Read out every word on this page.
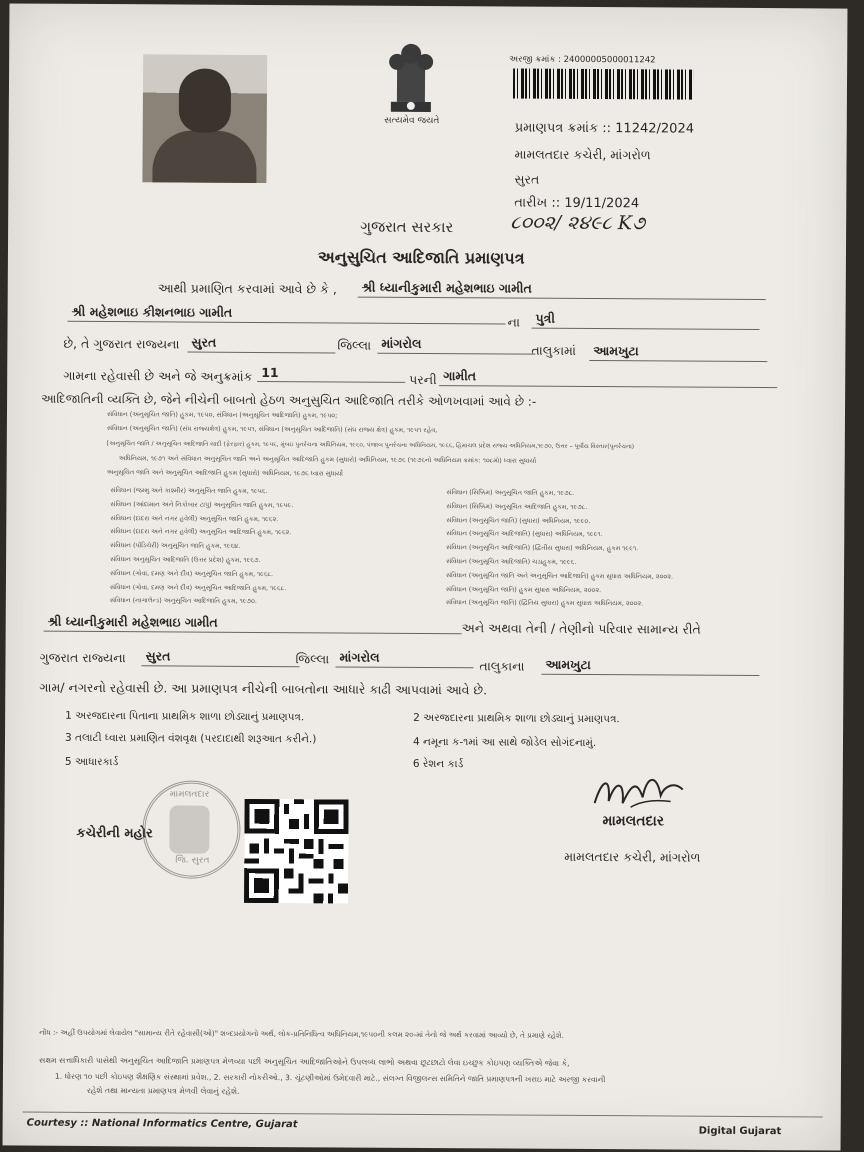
સત્યમેવ જયતે
અરજી ક્રમાંક : 24000005000011242
પ્રમાણપત્ર ક્રમાંક :: 11242/2024
મામલતદાર કચેરી, માંગરોળ
સુરત
તારીખ :: 19/11/2024
ગુજરાત સરકાર	૮૦૦૨/ ૨૪૯૮ K૭
અનુસુચિત આદિજાતિ પ્રમાણપત્ર
આથી પ્રમાણિત કરવામાં આવે છે કે ,	શ્રી ધ્યાનીકુમારી મહેશભાઇ ગામીત
શ્રી મહેશભાઇ કીશનભાઇ ગામીત
ના	પુત્રી
છે, તે ગુજરાત રાજ્યના સુરત	જિલ્લા માંગરોલ	તાલુકામાં	આમખુટા
ગામના રહેવાસી છે અને જે અનુક્રમાંક 11	પરની ગામીત
આદિજાતિની વ્યક્તિ છે, જેને નીચેની બાબતો હેઠળ અનુસુચિત આદિજાતિ તરીકે ઓળખવામાં આવે છે :-
સંવિધાન (અનુસૂચિત જાતિ) હુકમ, ૧૯૫૦, સંવિધાન (અનુસૂચિત આદિજાતિ) હુકમ, ૧૯૫૦;
સંવિધાન (અનુસૂચિત જાતિ) (સંઘ રાજ્યક્ષેત્ર) હુકમ, ૧૯૫૧, સંવિધાન (અનુસૂચિત આદિજાતિ) (સંઘ રાજ્ય ક્ષેત્ર) હુકમ, ૧૯૫૧ રહેવ,
[અનુસૂચિત જાતિ / અનુસૂચિત આદિજાતિ યાદી (ફેરફાર) હુકમ, ૧૯૫૬, મુંબઇ પુનર્રચના અધિનિયમ, ૧૯૬૦, પંજાબ પુનર્રચના અધિનિયમ, ૧૯૬૬, હિમાચલ પ્રદેશ રાજ્ય અધિનિયમ,૧૯૭૦, ઉત્તર – પૂર્વીય વિસ્તાર(પુનર્રચના)
અધિનિયમ, ૧૯૭૧ અને સંવિધાન અનુસૂચિત જાતિ અને અનુસૂચિત આદિજાતિ હુકમ (સુધારો) અધિનિયમ, ૧૯૭૬ (૧૯૭૬નો અધિનિયમ ક્રમાંક: ૧૦૮મો) ધ્વારા સુધાર્યા
અનુસૂચિત જાતિ અને અનુસૂચિત આદિજાતિ હુકમ (સુધારો) અધિનિયમ, ૧૯૭૬ ધ્વારા સુધાર્યો
સંવિધાન (જમ્મુ અને કાશ્મીર) અનુસૂચિત જાતિ હુકમ, ૧૯૫૬.
સંવિધાન (આંદામાન અને નિકોબાર ટાપુ) અનુસૂચિત જાતિ હુકમ, ૧૯૫૯.
સંવિધાન (દાદરા અને નગર હવેલી) અનુસૂચિત જાતિ હુકમ, ૧૯૬૨.
સંવિધાન (દાદરા અને નગર હવેલી) અનુસૂચિત આદિજાતિ હુકમ, ૧૯૬૨.
સંવિધાન (પોંડિચેરી) અનુસૂચિત જાતિ હુકમ, ૧૯૬૪.
સંવિધાન અનુસૂચિત આદિજાતિ (ઉત્તર પ્રદેશ) હુકમ, ૧૯૬૭.
સંવિધાન (ગોવા, દમણ અને દીવ) અનુસૂચિત જાતિ હુકમ, ૧૯૬૮.
સંવિધાન (ગોવા, દમણ અને દીવ) અનુસૂચિત આદિજાતિ હુકમ, ૧૯૬૮.
સંવિધાન (નાગાલેન્ડ) અનુસૂચિત આદિજાતિ હુકમ, ૧૯૭૦.
સંવિધાન (સિક્કિમ) અનુસૂચિત જાતિ હુકમ, ૧૯૭૮.
સંવિધાન (સિક્કિમ) અનુસૂચિત આદિજાતિ હુકમ, ૧૯૭૮.
સંવિધાન (અનુસૂચિત જાતિ) (સુધારા) અધિનિયમ, ૧૯૯૦.
સંવિધાન (અનુસૂચિત આદિજાતિ) (સુધારા) અધિનિયમ, ૧૯૯૧.
સંવિધાન (અનુસૂચિત આદિજાતિ) (દ્વિતીય સુધારા) અધિનિયમ, હુકમ ૧૯૯૧.
સંવિધાન (અનુસૂચિત આદિજાતિ) ચડાહુકમ, ૧૯૯૬.
સંવિધાન (અનુસૂચિત જાતિ અને અનુસૂચિત આદિજાતિ) હુકમ સુધારા અધિનિયમ, ૨૦૦૨.
સંવિધાન (અનુસૂચિત જાતિ) હુકમ સુધારા અધિનિયમ, ૨૦૦૨.
સંવિધાન (અનુસૂચિત જાતિ) (દ્વિતિય સુધારા) હુકમ સુધારા અધિનિયમ, ૨૦૦૨.
શ્રી ધ્યાનીકુમારી મહેશભાઇ ગામીત	અને અથવા તેની / તેણીનો પરિવાર સામાન્ય રીતે
ગુજરાત રાજ્યના	સુરત	જિલ્લા માંગરોલ
તાલુકાના	આમખુટા
ગામ/ નગરનો રહેવાસી છે. આ પ્રમાણપત્ર નીચેની બાબતોના આધારે કાઢી આપવામાં આવે છે.
1 અરજદારના પિતાના પ્રાથમિક શાળા છોડ્યાનું પ્રમાણપત્ર.	2 અરજદારના પ્રાથમિક શાળા છોડ્યાનું પ્રમાણપત્ર.
3 તલાટી ધ્વારા પ્રમાણિત વંશવૃક્ષ (પરદાદાથી શરૂઆત કરીને.)	4 નમૂના ક-૧માં આ સાથે જોડેલ સોગંદનામું.
5 આધારકાર્ડ	6 રેશન કાર્ડ
મામલતદાર
જિ. સુરત
કચેરીની મહોર
મામલતદાર
મામલતદાર કચેરી, માંગરોળ
નોંધ :- અહીં ઉપયોગમાં લેવાયેલ "સામાન્ય રીતે રહેવાસી(ઓ)" શબ્દપ્રયોગનો અર્થ, લોક-પ્રતિનિધિત્વ અધિનિયમ,૧૯૫૦ની કલમ ૨૦-માં તેનો જે અર્થ કરવામાં આવ્યો છે, તે પ્રમાણે રહેશે.
સક્ષમ સત્તાધિકારી પાસેથી અનુસૂચિત આદિજાતિ પ્રમાણપત્ર મેળવ્યા પછી અનુસૂચિત આદિજાતિઓને ઉપલબ્ધ લાભો અથવા છૂટછાટો લેવા ઇચ્છુક કોઇપણ વ્યક્તિએ જેવા કે,
1. ધોરણ ૧૦ પછી કોઇપણ શૈક્ષણિક સંસ્થામાં પ્રવેશ., 2. સરકારી નોકરીઓ., 3. ચૂંટણીઓમાં ઉમેદવારી માટે., સંલગ્ન વિજીલન્સ સમિતિને જાતિ પ્રમાણપત્રની ખરાઇ માટે અરજી કરવાની
રહેશે તથા માન્યતા પ્રમાણપત્ર મેળવી લેવાનું રહેશે.
Courtesy :: National Informatics Centre, Gujarat
Digital Gujarat
